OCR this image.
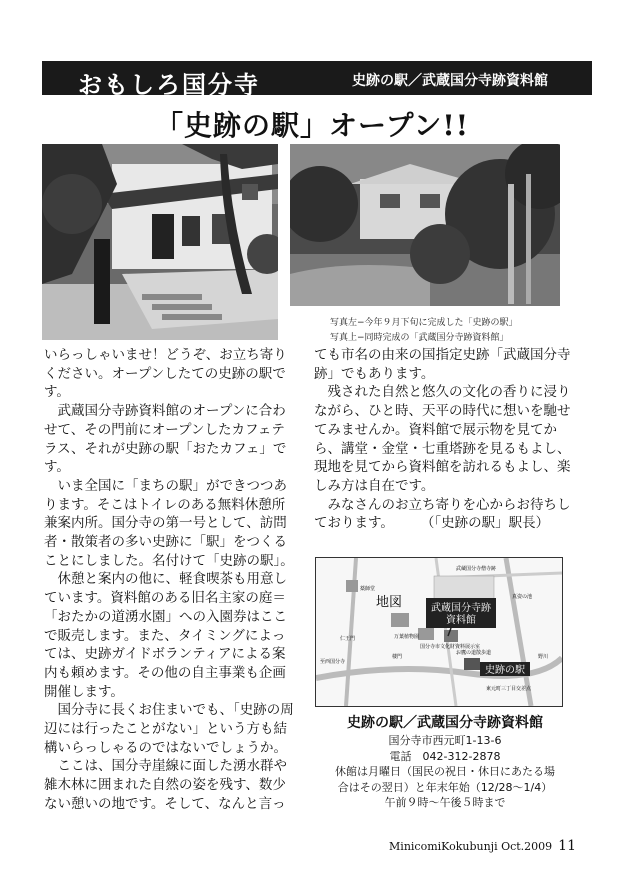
おもしろ国分寺	史跡の駅／武蔵国分寺跡資料館
「史跡の駅」オープン!!
写真左−今年９月下旬に完成した「史跡の駅」
写真上−同時完成の「武蔵国分寺跡資料館」

いらっしゃいませ！どうぞ、お立ち寄りください。オープンしたての史跡の駅です。

武蔵国分寺跡資料館のオープンに合わせて、その門前にオープンしたカフェテラス、それが史跡の駅「おたカフェ」です。

いま全国に「まちの駅」ができつつあります。そこはトイレのある無料休憩所兼案内所。国分寺の第一号として、訪問者・散策者の多い史跡に「駅」をつくることにしました。名付けて「史跡の駅」。

休憩と案内の他に、軽食喫茶も用意しています。資料館のある旧名主家の庭＝「おたかの道湧水園」への入園券はここで販売します。また、タイミングによっては、史跡ガイドボランティアによる案内も頼めます。その他の自主事業も企画開催します。

国分寺に長くお住まいでも、「史跡の周辺には行ったことがない」という方も結構いらっしゃるのではないでしょうか。

ここは、国分寺崖線に面した湧水群や雑木林に囲まれた自然の姿を残す、数少ない憩いの地です。そして、なんと言っ

ても市名の由来の国指定史跡「武蔵国分寺跡」でもあります。

残された自然と悠久の文化の香りに浸りながら、ひと時、天平の時代に想いを馳せてみませんか。資料館で展示物を見てから、講堂・金堂・七重塔跡を見るもよし、現地を見てから資料館を訪れるもよし、楽しみ方は自在です。

みなさんのお立ち寄りを心からお待ちしております。　　　（「史跡の駅」駅長）

地図	武蔵国分寺跡
資料館
史跡の駅
薬師堂
武蔵国分寺僧寺跡
万葉植物園
国分寺市文化財資料展示室
仁王門
楼門
お鷹の道散歩道
真姿の池
至西国分寺
東元町三丁目交差点
野川
史跡の駅／武蔵国分寺跡資料館
国分寺市西元町1-13-6
電話　042-312-2878
休館は月曜日（国民の祝日・休日にあたる場
合はその翌日）と年末年始（12/28〜1/4）
午前９時〜午後５時まで
MinicomiKokubunji Oct.2009 11
